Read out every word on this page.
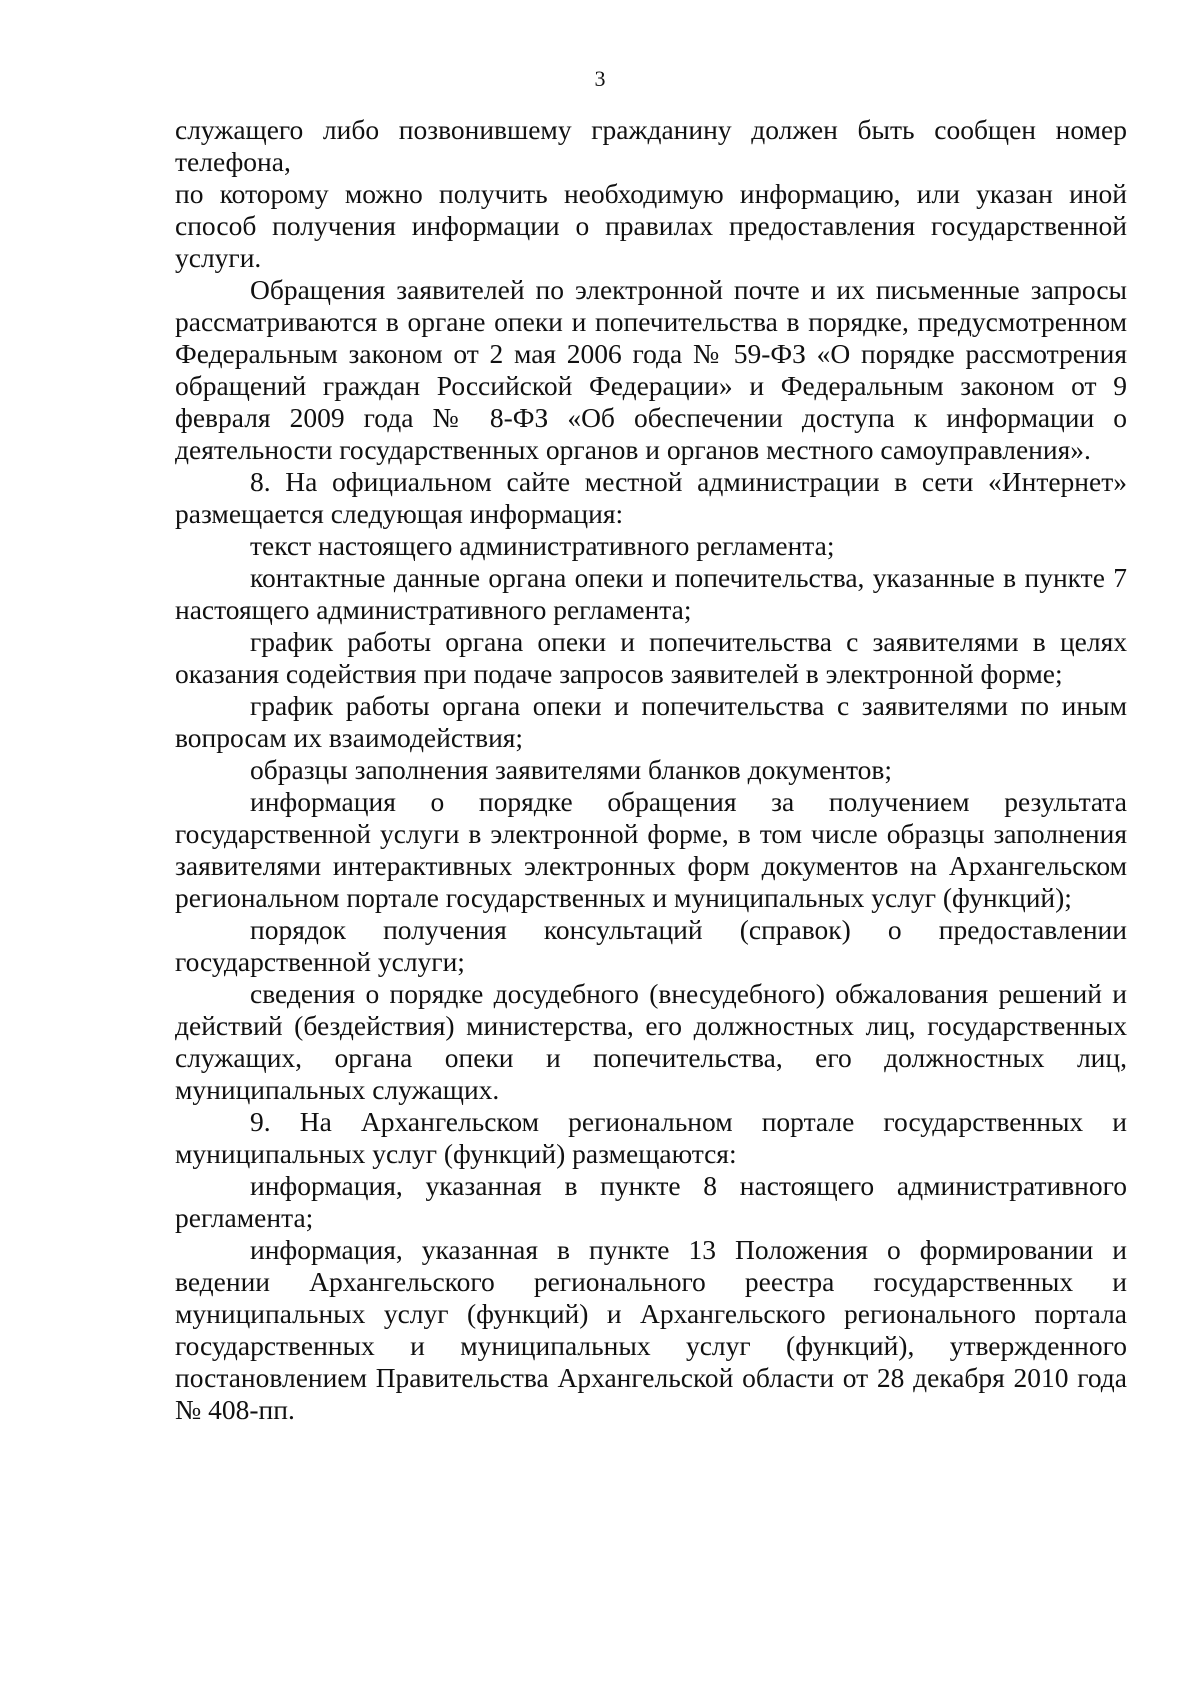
3

служащего либо позвонившему гражданину должен быть сообщен номер телефона,

по которому можно получить необходимую информацию, или указан иной способ получения информации о правилах предоставления государственной услуги.

Обращения заявителей по электронной почте и их письменные запросы рассматриваются в органе опеки и попечительства в порядке, предусмотренном Федеральным законом от 2 мая 2006 года № 59-ФЗ «О порядке рассмотрения обращений граждан Российской Федерации» и Федеральным законом от 9 февраля 2009 года № 8-ФЗ «Об обеспечении доступа к информации о деятельности государственных органов и органов местного самоуправления».

8. На официальном сайте местной администрации в сети «Интернет» размещается следующая информация:

текст настоящего административного регламента;

контактные данные органа опеки и попечительства, указанные в пункте 7 настоящего административного регламента;

график работы органа опеки и попечительства с заявителями в целях оказания содействия при подаче запросов заявителей в электронной форме;

график работы органа опеки и попечительства с заявителями по иным вопросам их взаимодействия;

образцы заполнения заявителями бланков документов;

информация о порядке обращения за получением результата государственной услуги в электронной форме, в том числе образцы заполнения заявителями интерактивных электронных форм документов на Архангельском региональном портале государственных и муниципальных услуг (функций);

порядок получения консультаций (справок) о предоставлении государственной услуги;

сведения о порядке досудебного (внесудебного) обжалования решений и действий (бездействия) министерства, его должностных лиц, государственных служащих, органа опеки и попечительства, его должностных лиц, муниципальных служащих.

9. На Архангельском региональном портале государственных и муниципальных услуг (функций) размещаются:

информация, указанная в пункте 8 настоящего административного регламента;

информация, указанная в пункте 13 Положения о формировании и ведении Архангельского регионального реестра государственных и муниципальных услуг (функций) и Архангельского регионального портала государственных и муниципальных услуг (функций), утвержденного постановлением Правительства Архангельской области от 28 декабря 2010 года № 408-пп.
